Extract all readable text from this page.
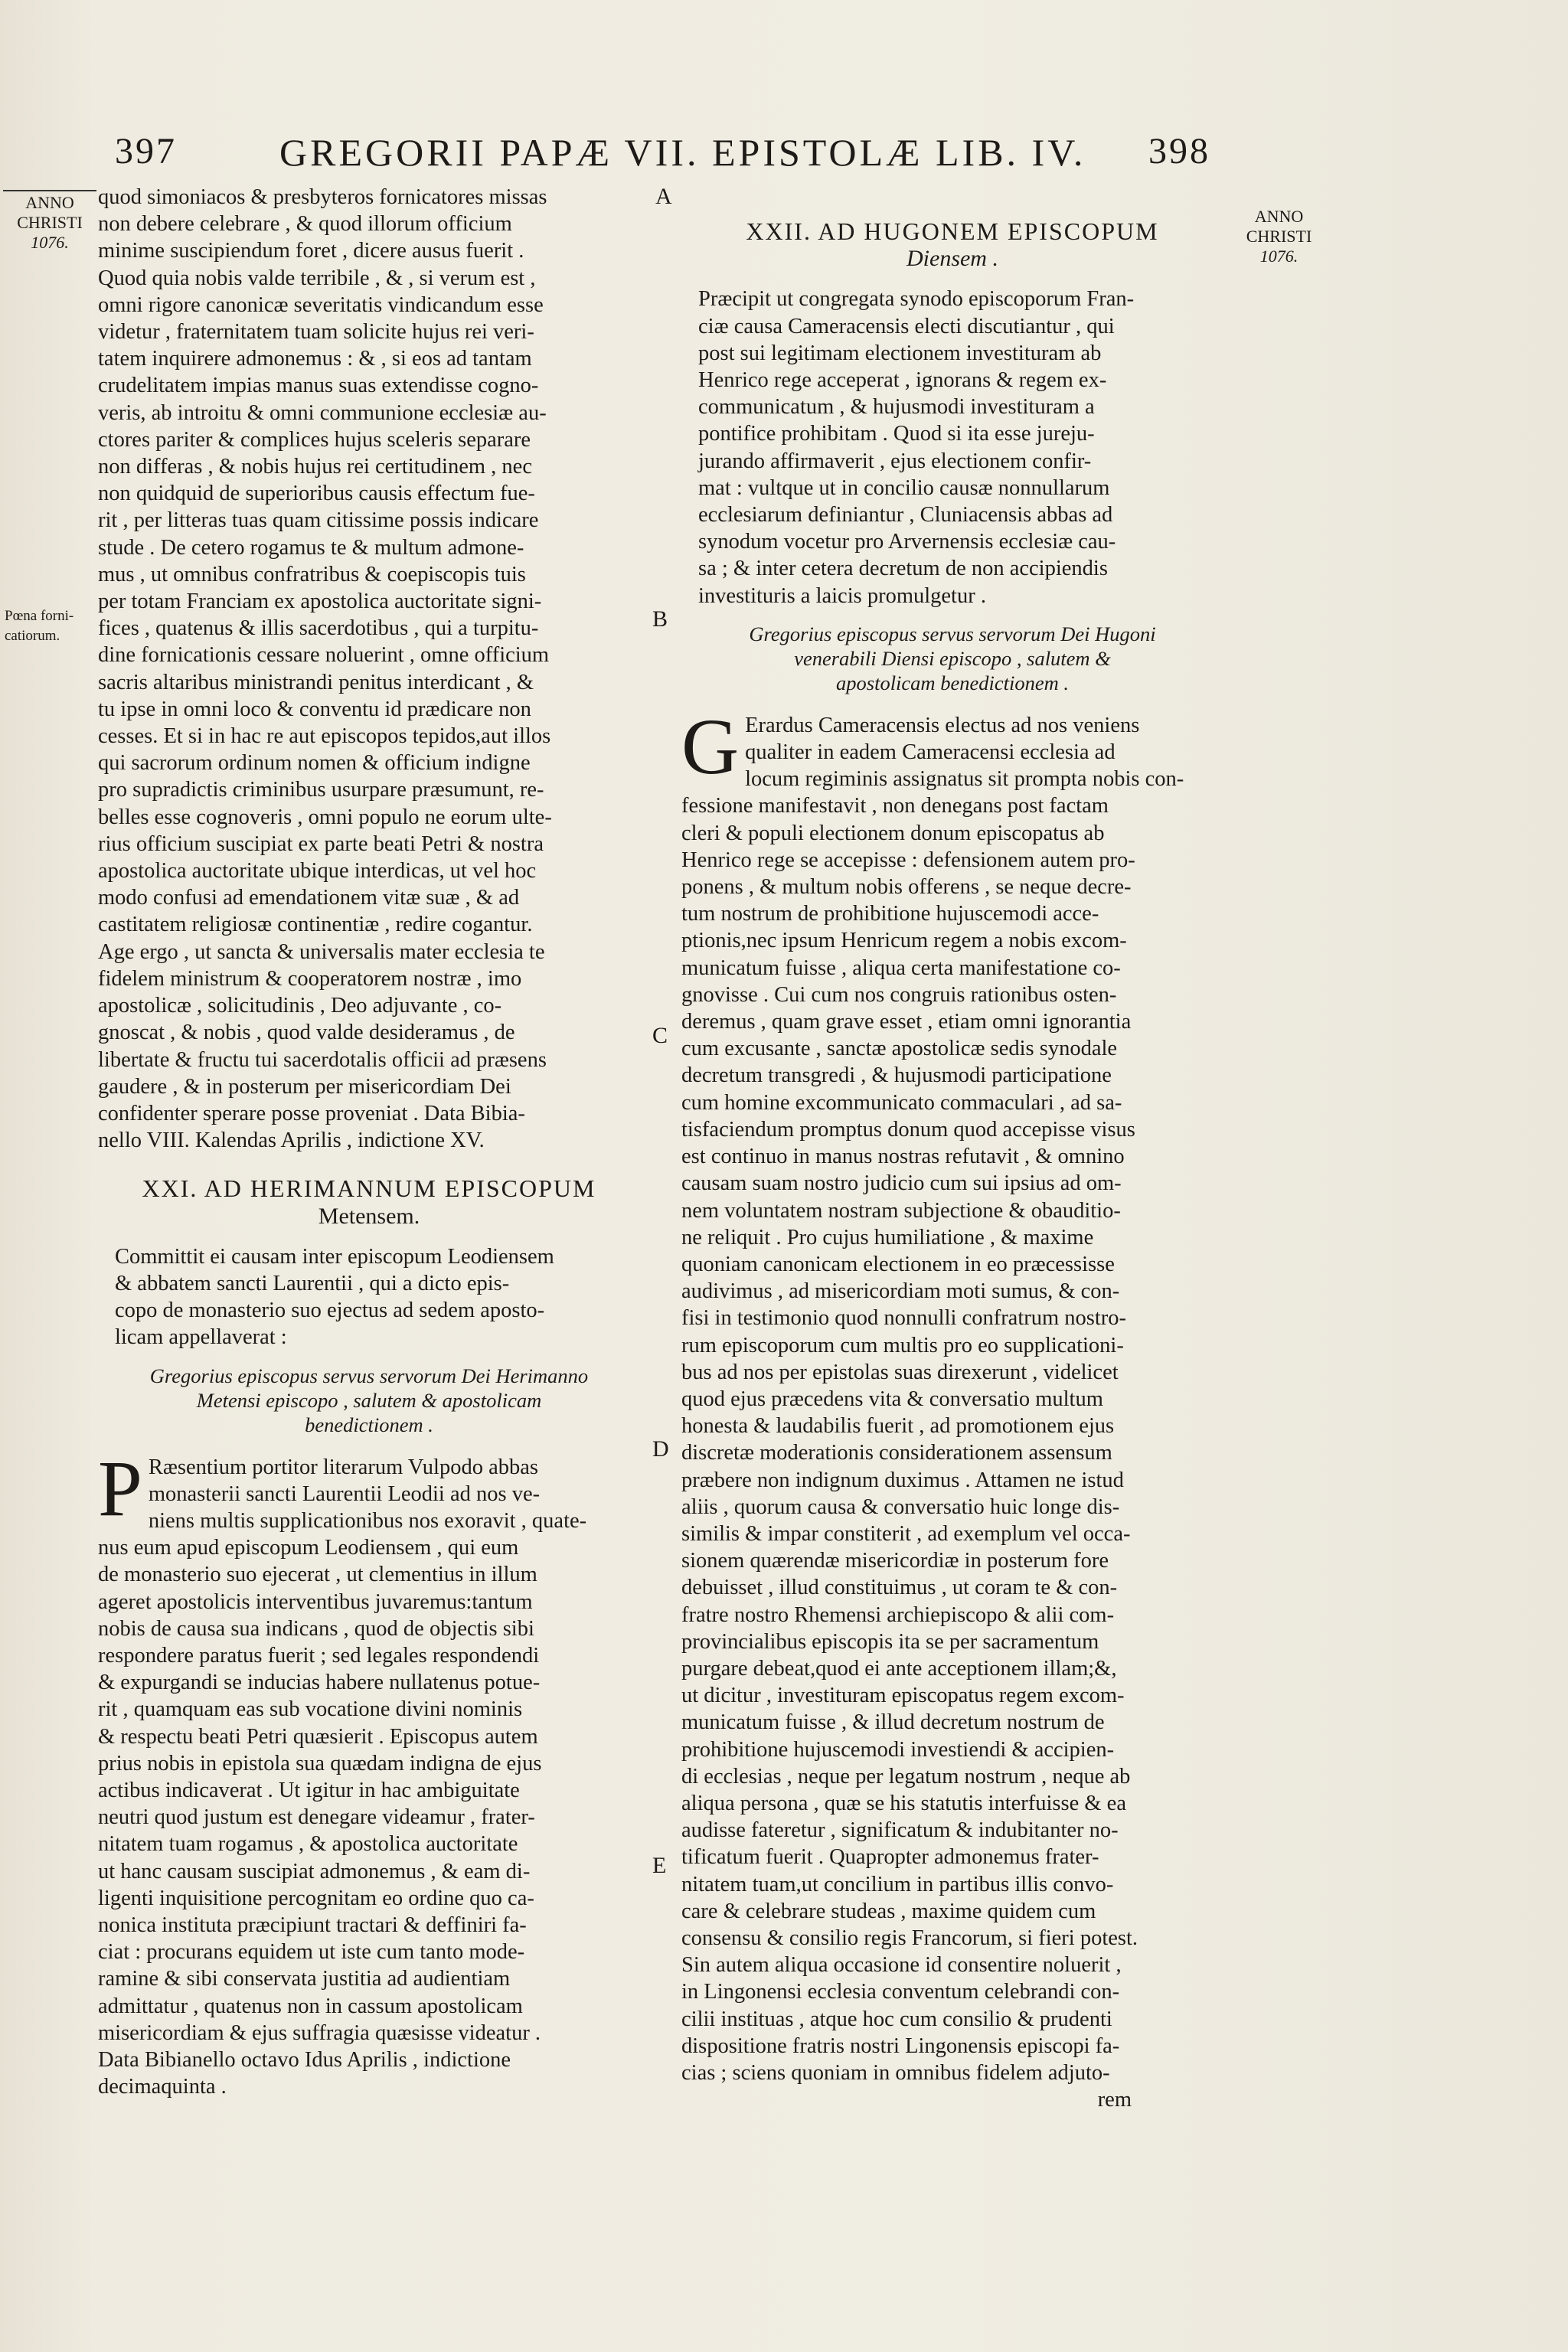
397	GREGORII PAPÆ VII. EPISTOLÆ LIB. IV. 398
ANNO
CHRISTI
1076.
Pœna forni-
catiorum.
ANNO
CHRISTI
1076.
A
B
C
D
E

quod simoniacos & presbyteros fornicatores missas

non debere celebrare , & quod illorum officium

minime suscipiendum foret , dicere ausus fuerit .

Quod quia nobis valde terribile , & , si verum est ,

omni rigore canonicæ severitatis vindicandum esse

videtur , fraternitatem tuam solicite hujus rei veri-

tatem inquirere admonemus : & , si eos ad tantam

crudelitatem impias manus suas extendisse cogno-

veris, ab introitu & omni communione ecclesiæ au-

ctores pariter & complices hujus sceleris separare

non differas , & nobis hujus rei certitudinem , nec

non quidquid de superioribus causis effectum fue-

rit , per litteras tuas quam citissime possis indicare

stude . De cetero rogamus te & multum admone-

mus , ut omnibus confratribus & coepiscopis tuis

per totam Franciam ex apostolica auctoritate signi-

fices , quatenus & illis sacerdotibus , qui a turpitu-

dine fornicationis cessare noluerint , omne officium

sacris altaribus ministrandi penitus interdicant , &

tu ipse in omni loco & conventu id prædicare non

cesses. Et si in hac re aut episcopos tepidos,aut illos

qui sacrorum ordinum nomen & officium indigne

pro supradictis criminibus usurpare præsumunt, re-

belles esse cognoveris , omni populo ne eorum ulte-

rius officium suscipiat ex parte beati Petri & nostra

apostolica auctoritate ubique interdicas, ut vel hoc

modo confusi ad emendationem vitæ suæ , & ad

castitatem religiosæ continentiæ , redire cogantur.

Age ergo , ut sancta & universalis mater ecclesia te

fidelem ministrum & cooperatorem nostræ , imo

apostolicæ , solicitudinis , Deo adjuvante , co-

gnoscat , & nobis , quod valde desideramus , de

libertate & fructu tui sacerdotalis officii ad præsens

gaudere , & in posterum per misericordiam Dei

confidenter sperare posse proveniat . Data Bibia-

nello VIII. Kalendas Aprilis , indictione XV.

XXI. AD HERIMANNUM EPISCOPUM
Metensem.

Committit ei causam inter episcopum Leodiensem

& abbatem sancti Laurentii , qui a dicto epis-

copo de monasterio suo ejectus ad sedem aposto-

licam appellaverat :

Gregorius episcopus servus servorum Dei Herimanno

Metensi episcopo , salutem & apostolicam

benedictionem .

P Ræsentium portitor literarum Vulpodo abbas

monasterii sancti Laurentii Leodii ad nos ve-

niens multis supplicationibus nos exoravit , quate-

nus eum apud episcopum Leodiensem , qui eum

de monasterio suo ejecerat , ut clementius in illum

ageret apostolicis interventibus juvaremus:tantum

nobis de causa sua indicans , quod de objectis sibi

respondere paratus fuerit ; sed legales respondendi

& expurgandi se inducias habere nullatenus potue-

rit , quamquam eas sub vocatione divini nominis

& respectu beati Petri quæsierit . Episcopus autem

prius nobis in epistola sua quædam indigna de ejus

actibus indicaverat . Ut igitur in hac ambiguitate

neutri quod justum est denegare videamur , frater-

nitatem tuam rogamus , & apostolica auctoritate

ut hanc causam suscipiat admonemus , & eam di-

ligenti inquisitione percognitam eo ordine quo ca-

nonica instituta præcipiunt tractari & deffiniri fa-

ciat : procurans equidem ut iste cum tanto mode-

ramine & sibi conservata justitia ad audientiam

admittatur , quatenus non in cassum apostolicam

misericordiam & ejus suffragia quæsisse videatur .

Data Bibianello octavo Idus Aprilis , indictione

decimaquinta .

XXII. AD HUGONEM EPISCOPUM
Diensem .

Præcipit ut congregata synodo episcoporum Fran-

ciæ causa Cameracensis electi discutiantur , qui

post sui legitimam electionem investituram ab

Henrico rege acceperat , ignorans & regem ex-

communicatum , & hujusmodi investituram a

pontifice prohibitam . Quod si ita esse jureju-

jurando affirmaverit , ejus electionem confir-

mat : vultque ut in concilio causæ nonnullarum

ecclesiarum definiantur , Cluniacensis abbas ad

synodum vocetur pro Arvernensis ecclesiæ cau-

sa ; & inter cetera decretum de non accipiendis

investituris a laicis promulgetur .

Gregorius episcopus servus servorum Dei Hugoni

venerabili Diensi episcopo , salutem &

apostolicam benedictionem .

G Erardus Cameracensis electus ad nos veniens

qualiter in eadem Cameracensi ecclesia ad

locum regiminis assignatus sit prompta nobis con-

fessione manifestavit , non denegans post factam

cleri & populi electionem donum episcopatus ab

Henrico rege se accepisse : defensionem autem pro-

ponens , & multum nobis offerens , se neque decre-

tum nostrum de prohibitione hujuscemodi acce-

ptionis,nec ipsum Henricum regem a nobis excom-

municatum fuisse , aliqua certa manifestatione co-

gnovisse . Cui cum nos congruis rationibus osten-

deremus , quam grave esset , etiam omni ignorantia

cum excusante , sanctæ apostolicæ sedis synodale

decretum transgredi , & hujusmodi participatione

cum homine excommunicato commaculari , ad sa-

tisfaciendum promptus donum quod accepisse visus

est continuo in manus nostras refutavit , & omnino

causam suam nostro judicio cum sui ipsius ad om-

nem voluntatem nostram subjectione & obauditio-

ne reliquit . Pro cujus humiliatione , & maxime

quoniam canonicam electionem in eo præcessisse

audivimus , ad misericordiam moti sumus, & con-

fisi in testimonio quod nonnulli confratrum nostro-

rum episcoporum cum multis pro eo supplicationi-

bus ad nos per epistolas suas direxerunt , videlicet

quod ejus præcedens vita & conversatio multum

honesta & laudabilis fuerit , ad promotionem ejus

discretæ moderationis considerationem assensum

præbere non indignum duximus . Attamen ne istud

aliis , quorum causa & conversatio huic longe dis-

similis & impar constiterit , ad exemplum vel occa-

sionem quærendæ misericordiæ in posterum fore

debuisset , illud constituimus , ut coram te & con-

fratre nostro Rhemensi archiepiscopo & alii com-

provincialibus episcopis ita se per sacramentum

purgare debeat,quod ei ante acceptionem illam;&,

ut dicitur , investituram episcopatus regem excom-

municatum fuisse , & illud decretum nostrum de

prohibitione hujuscemodi investiendi & accipien-

di ecclesias , neque per legatum nostrum , neque ab

aliqua persona , quæ se his statutis interfuisse & ea

audisse fateretur , significatum & indubitanter no-

tificatum fuerit . Quapropter admonemus frater-

nitatem tuam,ut concilium in partibus illis convo-

care & celebrare studeas , maxime quidem cum

consensu & consilio regis Francorum, si fieri potest.

Sin autem aliqua occasione id consentire noluerit ,

in Lingonensi ecclesia conventum celebrandi con-

cilii instituas , atque hoc cum consilio & prudenti

dispositione fratris nostri Lingonensis episcopi fa-

cias ; sciens quoniam in omnibus fidelem adjuto-

rem
